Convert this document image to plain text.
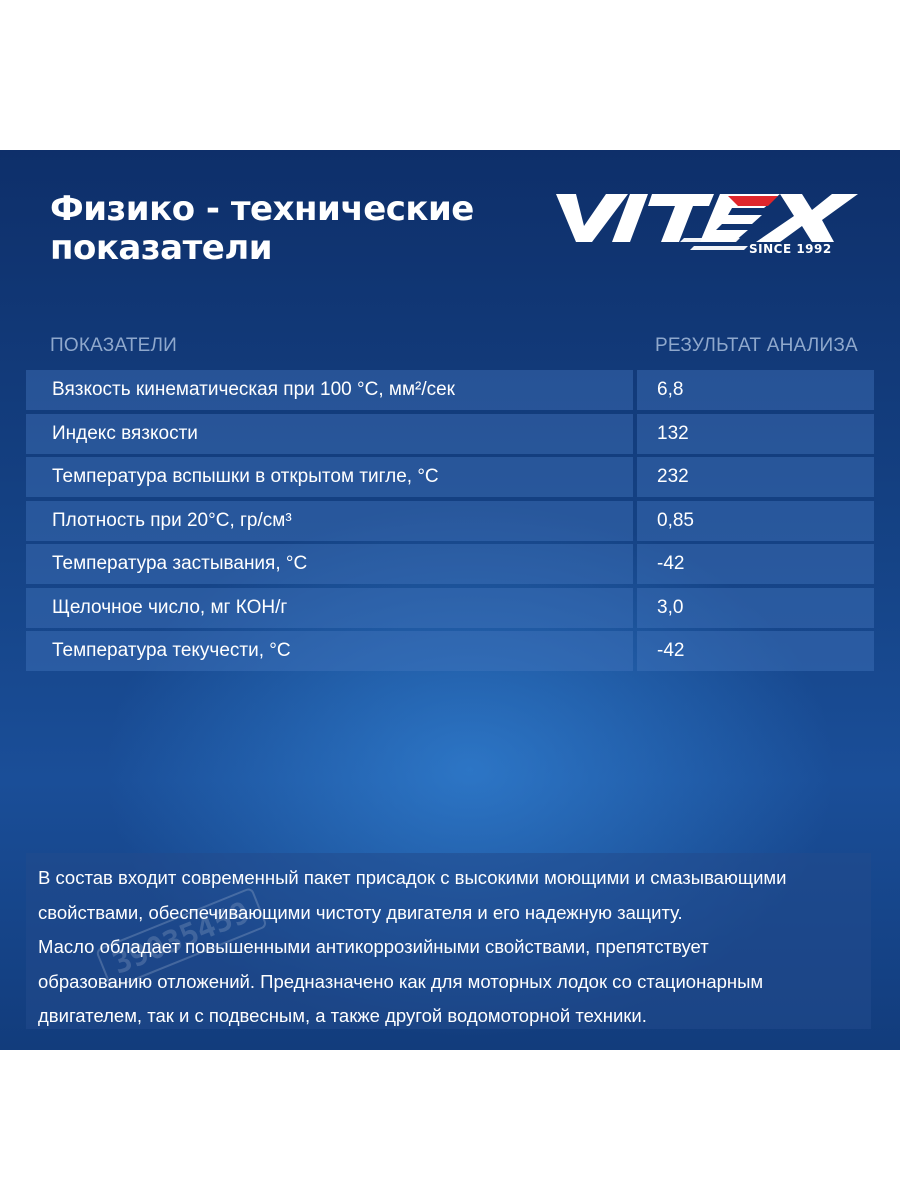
Физико - технические
показатели	SINCE 1992
ПОКАЗАТЕЛИ	РЕЗУЛЬТАТ АНАЛИЗА
Вязкость кинематическая при 100 °С, мм²/сек	6,8
Индекс вязкости	132
Температура вспышки в открытом тигле, °С	232
Плотность при 20°С, гр/см³	0,85
Температура застывания, °С	-42
Щелочное число, мг КОН/г	3,0
Температура текучести, °С	-42

В состав входит современный пакет присадок с высокими моющими и смазывающими

свойствами, обеспечивающими чистоту двигателя и его надежную защиту.

Масло обладает повышенными антикоррозийными свойствами, препятствует

образованию отложений. Предназначено как для моторных лодок со стационарным

двигателем, так и с подвесным, а также другой водомоторной техники.

39035459
